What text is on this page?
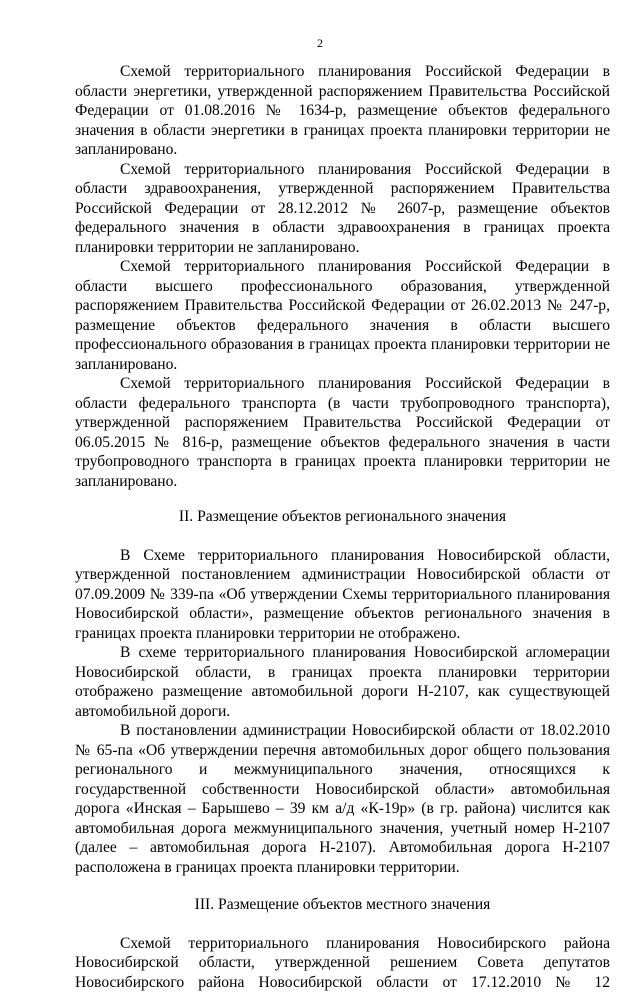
2

Схемой территориального планирования Российской Федерации в области энергетики, утвержденной распоряжением Правительства Российской Федерации от 01.08.2016 № 1634-р, размещение объектов федерального значения в области энергетики в границах проекта планировки территории не запланировано.

Схемой территориального планирования Российской Федерации в области здравоохранения, утвержденной распоряжением Правительства Российской Федерации от 28.12.2012 № 2607-р, размещение объектов федерального значения в области здравоохранения в границах проекта планировки территории не запланировано.

Схемой территориального планирования Российской Федерации в области высшего профессионального образования, утвержденной распоряжением Правительства Российской Федерации от 26.02.2013 № 247-р, размещение объектов федерального значения в области высшего профессионального образования в границах проекта планировки территории не запланировано.

Схемой территориального планирования Российской Федерации в области федерального транспорта (в части трубопроводного транспорта), утвержденной распоряжением Правительства Российской Федерации от 06.05.2015 № 816-р, размещение объектов федерального значения в части трубопроводного транспорта в границах проекта планировки территории не запланировано.

II. Размещение объектов регионального значения

В Схеме территориального планирования Новосибирской области, утвержденной постановлением администрации Новосибирской области от 07.09.2009 № 339-па «Об утверждении Схемы территориального планирования Новосибирской области», размещение объектов регионального значения в границах проекта планировки территории не отображено.

В схеме территориального планирования Новосибирской агломерации Новосибирской области, в границах проекта планировки территории отображено размещение автомобильной дороги Н-2107, как существующей автомобильной дороги.

В постановлении администрации Новосибирской области от 18.02.2010 № 65-па «Об утверждении перечня автомобильных дорог общего пользования регионального и межмуниципального значения, относящихся к государственной собственности Новосибирской области» автомобильная дорога «Инская – Барышево – 39 км а/д «К-19р» (в гр. района) числится как автомобильная дорога межмуниципального значения, учетный номер Н-2107 (далее – автомобильная дорога Н-2107). Автомобильная дорога Н-2107 расположена в границах проекта планировки территории.

III. Размещение объектов местного значения

Схемой территориального планирования Новосибирского района Новосибирской области, утвержденной решением Совета депутатов Новосибирского района Новосибирской области от 17.12.2010 № 12
